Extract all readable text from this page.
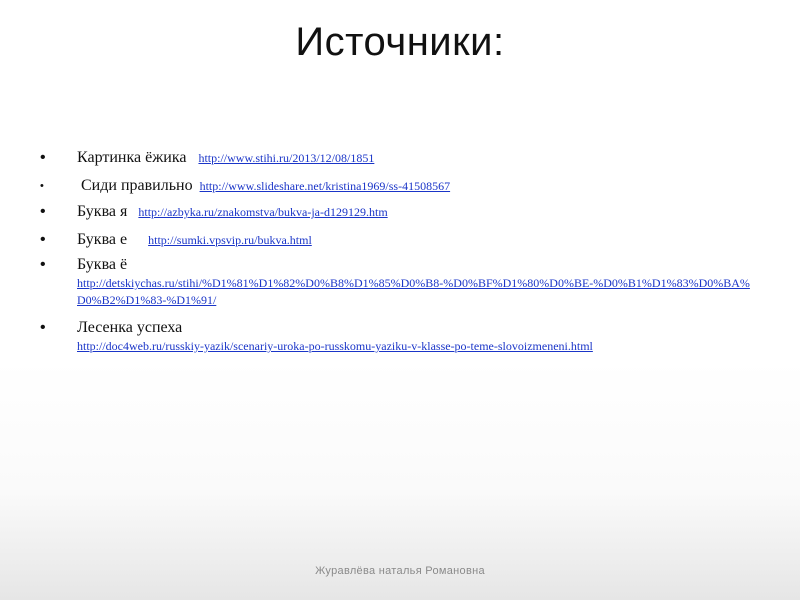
Источники:
• Картинка ёжика http://www.stihi.ru/2013/12/08/1851
• Сиди правильно http://www.slideshare.net/kristina1969/ss-41508567
• Буква я http://azbyka.ru/znakomstva/bukva-ja-d129129.htm
• Буква е http://sumki.vpsvip.ru/bukva.html
• Буква ё
http://detskiychas.ru/stihi/%D1%81%D1%82%D0%B8%D1%85%D0%B8-%D0%BF%D1%80%D0%BE-%D0%B1%D1%83%D0%BA%D0%B2%D1%83-%D1%91/
• Лесенка успеха
http://doc4web.ru/russkiy-yazik/scenariy-uroka-po-russkomu-yaziku-v-klasse-po-teme-slovoizmeneni.html
Журавлёва наталья Романовна
